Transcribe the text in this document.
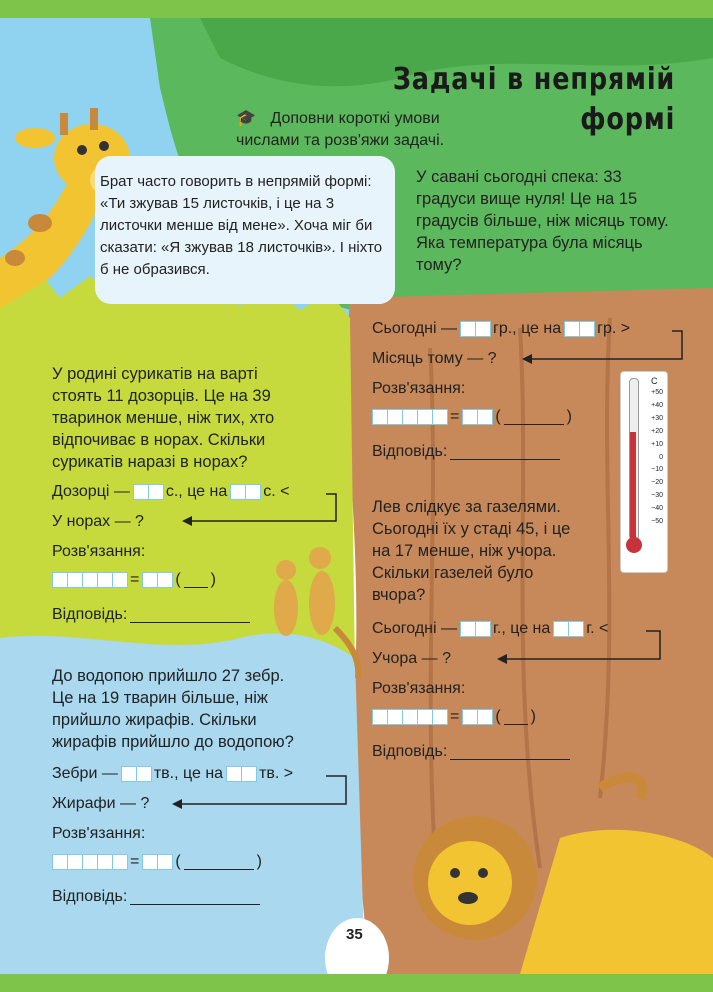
C
+50
+40
+30
+20
+10
0
−10
−20
−30
−40
−50
Задачі в непрямій
формі
🎓 Доповни короткі умови числами та розв'яжи задачі.
Брат часто говорить в непрямій формі: «Ти зжував 15 листочків, і це на 3 листочки менше від мене». Хоча міг би сказати: «Я зжував 18 листочків». І ніхто б не образився.
У савані сьогодні спека: 33 градуси вище нуля! Це на 15 градусів більше, ніж місяць тому. Яка температура була місяць тому?
Сьогодні — гр., це на гр. >
Місяць тому — ?
Розв'язання:
=
(	)
Відповідь:
У родині сурикатів на варті стоять 11 дозорців. Це на 39 тваринок менше, ніж тих, хто відпочиває в норах. Скільки сурикатів наразі в норах?
Дозорці — с., це на с. <
У норах — ?
Розв'язання:
=
( )
Відповідь:
Лев слідкує за газелями. Сьогодні їх у стаді 45, і це на 17 менше, ніж учора. Скільки газелей було вчора?
Сьогодні — г., це на г. <
Учора — ?
Розв'язання:
=
( )
Відповідь:
До водопою прийшло 27 зебр. Це на 19 тварин більше, ніж прийшло жирафів. Скільки жирафів прийшло до водопою?
Зебри — тв., це на тв. >
Жирафи — ?
Розв'язання:
=
(	)
Відповідь:
35
